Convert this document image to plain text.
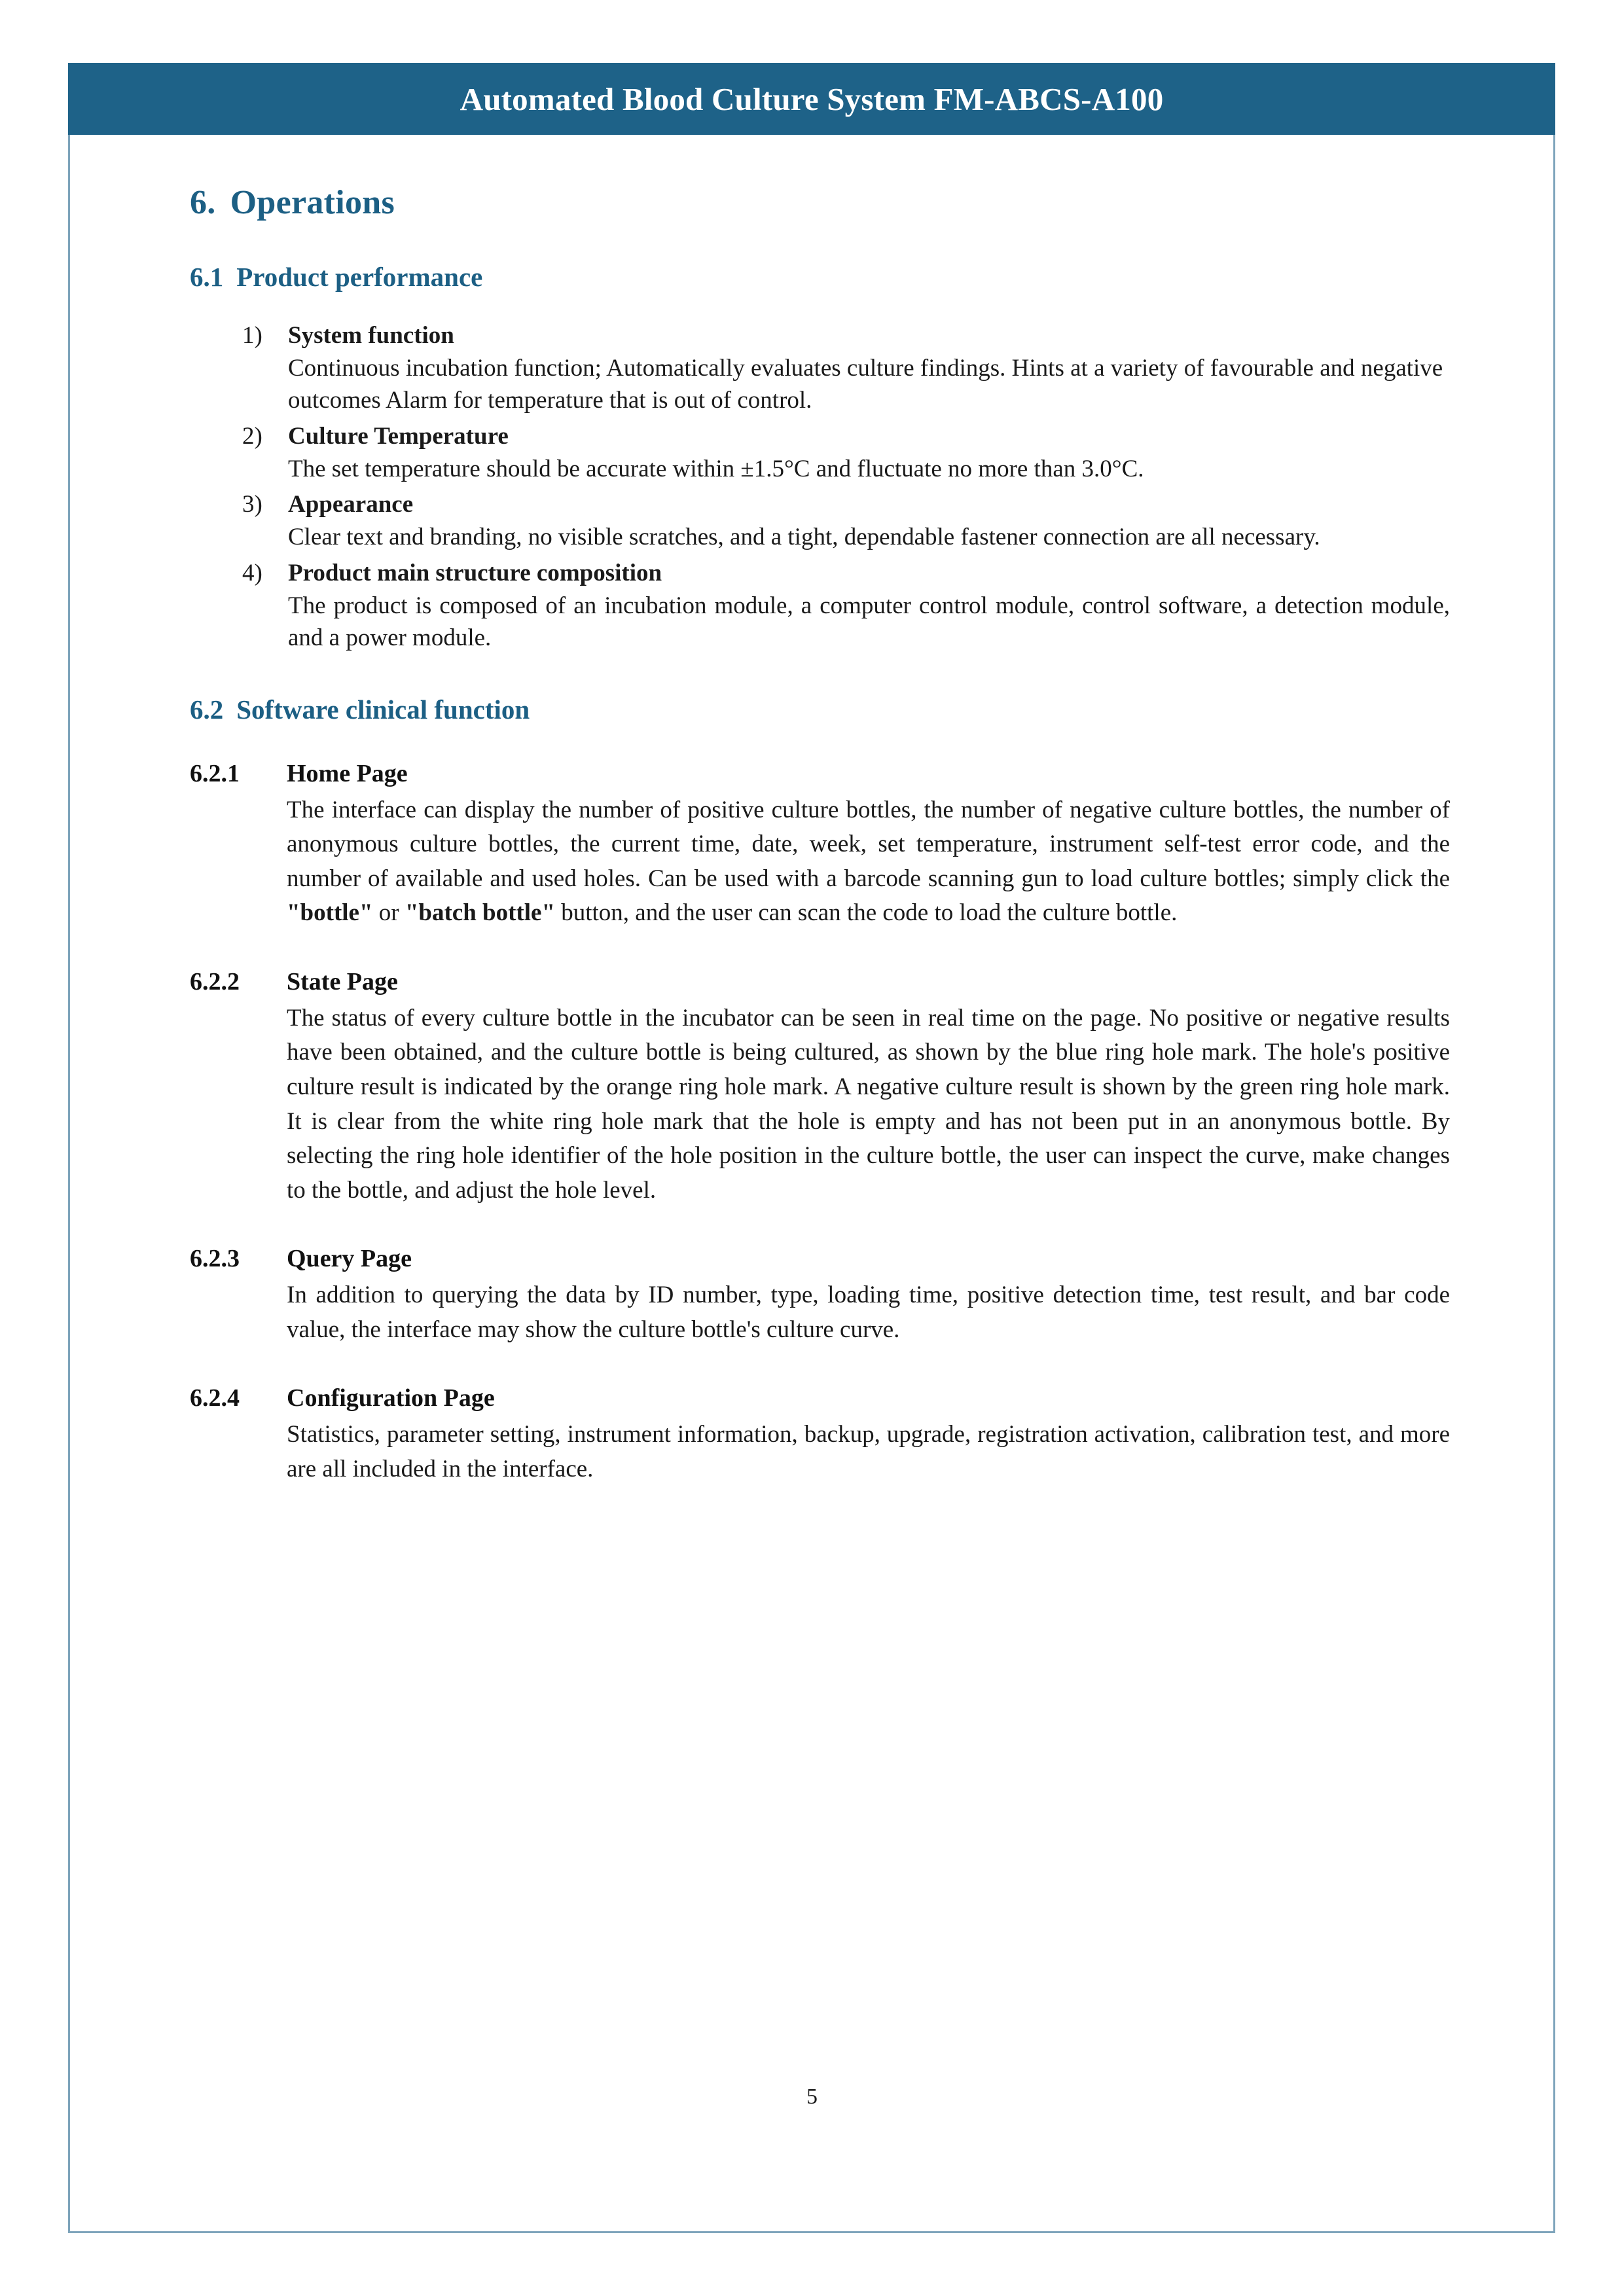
Automated Blood Culture System FM-ABCS-A100
6. Operations
6.1 Product performance
1)	System function
Continuous incubation function; Automatically evaluates culture findings. Hints at a variety of favourable and negative outcomes Alarm for temperature that is out of control.
2)	Culture Temperature
The set temperature should be accurate within ±1.5°C and fluctuate no more than 3.0°C.
3)	Appearance
Clear text and branding, no visible scratches, and a tight, dependable fastener connection are all necessary.
4)	Product main structure composition
The product is composed of an incubation module, a computer control module, control software, a detection module, and a power module.
6.2 Software clinical function
6.2.1	Home Page

The interface can display the number of positive culture bottles, the number of negative culture bottles, the number of anonymous culture bottles, the current time, date, week, set temperature, instrument self-test error code, and the number of available and used holes. Can be used with a barcode scanning gun to load culture bottles; simply click the "bottle" or "batch bottle" button, and the user can scan the code to load the culture bottle.

6.2.2	State Page

The status of every culture bottle in the incubator can be seen in real time on the page. No positive or negative results have been obtained, and the culture bottle is being cultured, as shown by the blue ring hole mark. The hole's positive culture result is indicated by the orange ring hole mark. A negative culture result is shown by the green ring hole mark. It is clear from the white ring hole mark that the hole is empty and has not been put in an anonymous bottle. By selecting the ring hole identifier of the hole position in the culture bottle, the user can inspect the curve, make changes to the bottle, and adjust the hole level.

6.2.3	Query Page

In addition to querying the data by ID number, type, loading time, positive detection time, test result, and bar code value, the interface may show the culture bottle's culture curve.

6.2.4	Configuration Page

Statistics, parameter setting, instrument information, backup, upgrade, registration activation, calibration test, and more are all included in the interface.

5
